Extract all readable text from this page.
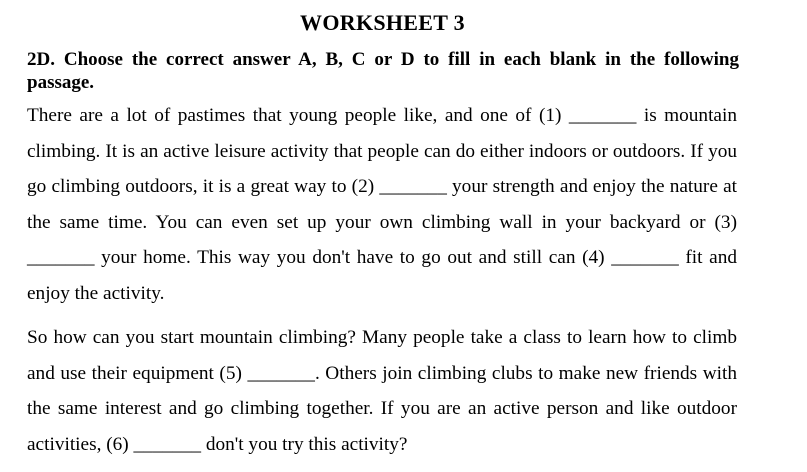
WORKSHEET 3
2D. Choose the correct answer A, B, C or D to fill in each blank in the following passage.

There are a lot of pastimes that young people like, and one of (1) _______ is mountain climbing. It is an active leisure activity that people can do either indoors or outdoors. If you go climbing outdoors, it is a great way to (2) _______ your strength and enjoy the nature at the same time. You can even set up your own climbing wall in your backyard or (3) _______ your home. This way you don't have to go out and still can (4) _______ fit and enjoy the activity.

So how can you start mountain climbing? Many people take a class to learn how to climb and use their equipment (5) _______. Others join climbing clubs to make new friends with the same interest and go climbing together. If you are an active person and like outdoor activities, (6) _______ don't you try this activity?
